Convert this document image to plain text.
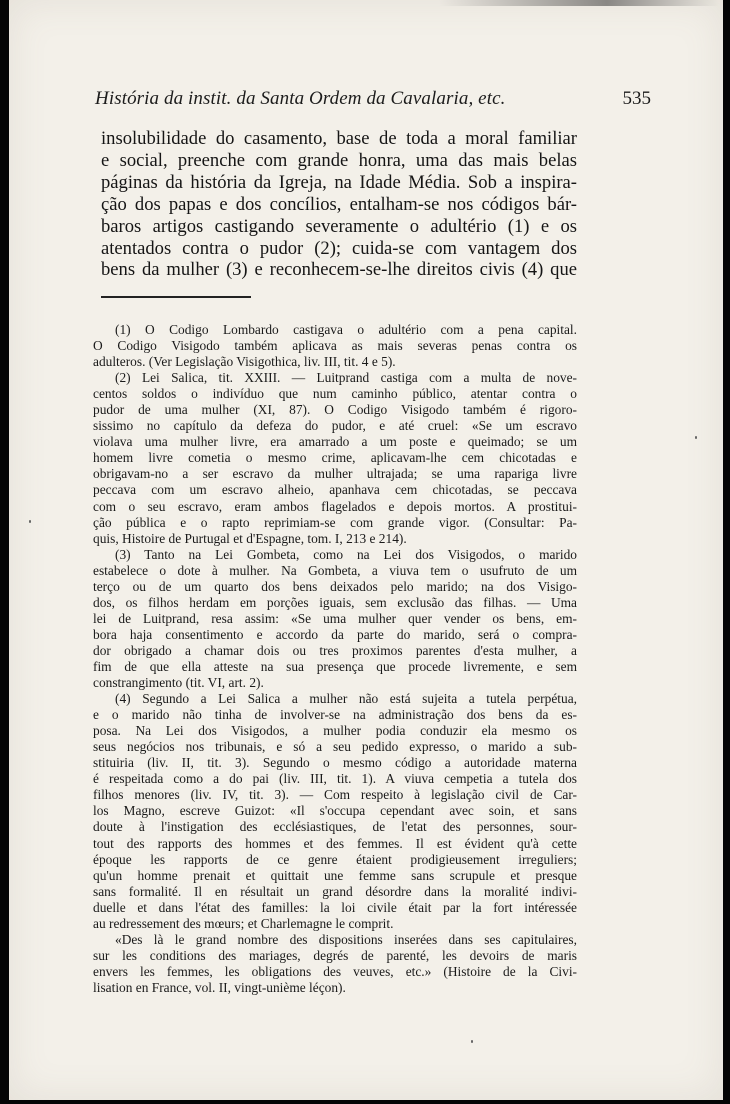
História da instit. da Santa Ordem da Cavalaria, etc.	535
insolubilidade do casamento, base de toda a moral familiar
e social, preenche com grande honra, uma das mais belas
páginas da história da Igreja, na Idade Média. Sob a inspira-
ção dos papas e dos concílios, entalham-se nos códigos bár-
baros artigos castigando severamente o adultério (1) e os
atentados contra o pudor (2); cuida-se com vantagem dos
bens da mulher (3) e reconhecem-se-lhe direitos civis (4) que
(1) O Codigo Lombardo castigava o adultério com a pena capital.
O Codigo Visigodo também aplicava as mais severas penas contra os
adulteros. (Ver Legislação Visigothica, liv. III, tit. 4 e 5).
(2) Lei Salica, tit. XXIII. — Luitprand castiga com a multa de nove-
centos soldos o indivíduo que num caminho público, atentar contra o
pudor de uma mulher (XI, 87). O Codigo Visigodo também é rigoro-
sissimo no capítulo da defeza do pudor, e até cruel: «Se um escravo
violava uma mulher livre, era amarrado a um poste e queimado; se um
homem livre cometia o mesmo crime, aplicavam-lhe cem chicotadas e
obrigavam-no a ser escravo da mulher ultrajada; se uma rapariga livre
peccava com um escravo alheio, apanhava cem chicotadas, se peccava
com o seu escravo, eram ambos flagelados e depois mortos. A prostitui-
ção pública e o rapto reprimiam-se com grande vigor. (Consultar: Pa-
quis, Histoire de Purtugal et d'Espagne, tom. I, 213 e 214).
(3) Tanto na Lei Gombeta, como na Lei dos Visigodos, o marido
estabelece o dote à mulher. Na Gombeta, a viuva tem o usufruto de um
terço ou de um quarto dos bens deixados pelo marido; na dos Visigo-
dos, os filhos herdam em porções iguais, sem exclusão das filhas. — Uma
lei de Luitprand, resa assim: «Se uma mulher quer vender os bens, em-
bora haja consentimento e accordo da parte do marido, será o compra-
dor obrigado a chamar dois ou tres proximos parentes d'esta mulher, a
fim de que ella atteste na sua presença que procede livremente, e sem
constrangimento (tit. VI, art. 2).
(4) Segundo a Lei Salica a mulher não está sujeita a tutela perpétua,
e o marido não tinha de involver-se na administração dos bens da es-
posa. Na Lei dos Visigodos, a mulher podia conduzir ela mesmo os
seus negócios nos tribunais, e só a seu pedido expresso, o marido a sub-
stituiria (liv. II, tit. 3). Segundo o mesmo código a autoridade materna
é respeitada como a do pai (liv. III, tit. 1). A viuva cempetia a tutela dos
filhos menores (liv. IV, tit. 3). — Com respeito à legislação civil de Car-
los Magno, escreve Guizot: «Il s'occupa cependant avec soin, et sans
doute à l'instigation des ecclésiastiques, de l'etat des personnes, sour-
tout des rapports des hommes et des femmes. Il est évident qu'à cette
époque les rapports de ce genre étaient prodigieusement irreguliers;
qu'un homme prenait et quittait une femme sans scrupule et presque
sans formalité. Il en résultait un grand désordre dans la moralité indivi-
duelle et dans l'état des familles: la loi civile était par la fort intéressée
au redressement des mœurs; et Charlemagne le comprit.
«Des là le grand nombre des dispositions inserées dans ses capitulaires,
sur les conditions des mariages, degrés de parenté, les devoirs de maris
envers les femmes, les obligations des veuves, etc.» (Histoire de la Civi-
lisation en France, vol. II, vingt-unième léçon).
